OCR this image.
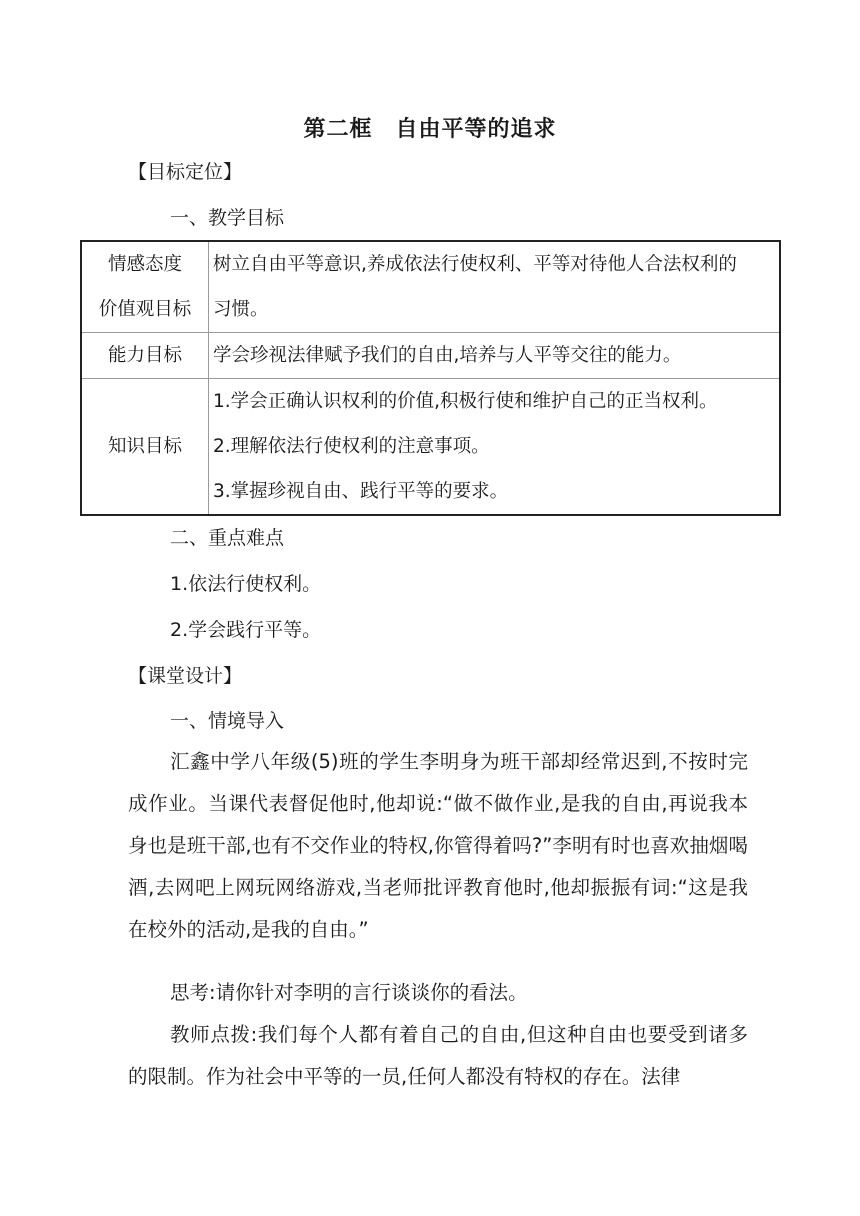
第二框　自由平等的追求
【目标定位】
一、教学目标
情感态度
价值观目标	树立自由平等意识,养成依法行使权利、平等对待他人合法权利的
习惯。

能力目标	学会珍视法律赋予我们的自由,培养与人平等交往的能力。

知识目标	1.学会正确认识权利的价值,积极行使和维护自己的正当权利。
2.理解依法行使权利的注意事项。
3.掌握珍视自由、践行平等的要求。
二、重点难点
1.依法行使权利。
2.学会践行平等。
【课堂设计】
一、情境导入
汇鑫中学八年级(5)班的学生李明身为班干部却经常迟到,不按时完成作业。当课代表督促他时,他却说:“做不做作业,是我的自由,再说我本身也是班干部,也有不交作业的特权,你管得着吗?”李明有时也喜欢抽烟喝酒,去网吧上网玩网络游戏,当老师批评教育他时,他却振振有词:“这是我在校外的活动,是我的自由。”
思考:请你针对李明的言行谈谈你的看法。
教师点拨:我们每个人都有着自己的自由,但这种自由也要受到诸多的限制。作为社会中平等的一员,任何人都没有特权的存在。法律
